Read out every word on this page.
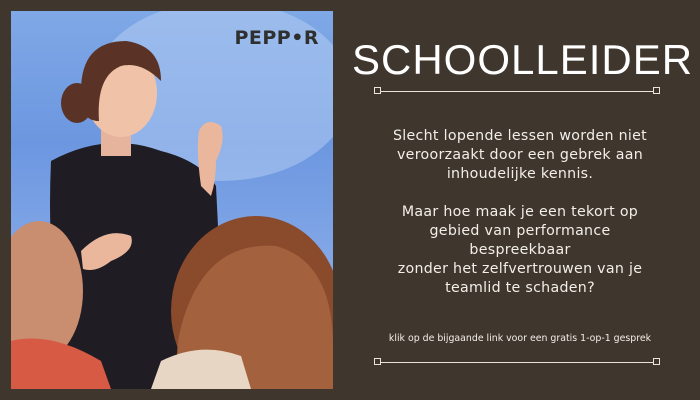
PEPP•R SCHOOLLEIDER

Slecht lopende lessen worden niet

veroorzaakt door een gebrek aan

inhoudelijke kennis.

Maar hoe maak je een tekort op

gebied van performance

bespreekbaar

zonder het zelfvertrouwen van je

teamlid te schaden?

klik op de bijgaande link voor een gratis 1-op-1 gesprek
